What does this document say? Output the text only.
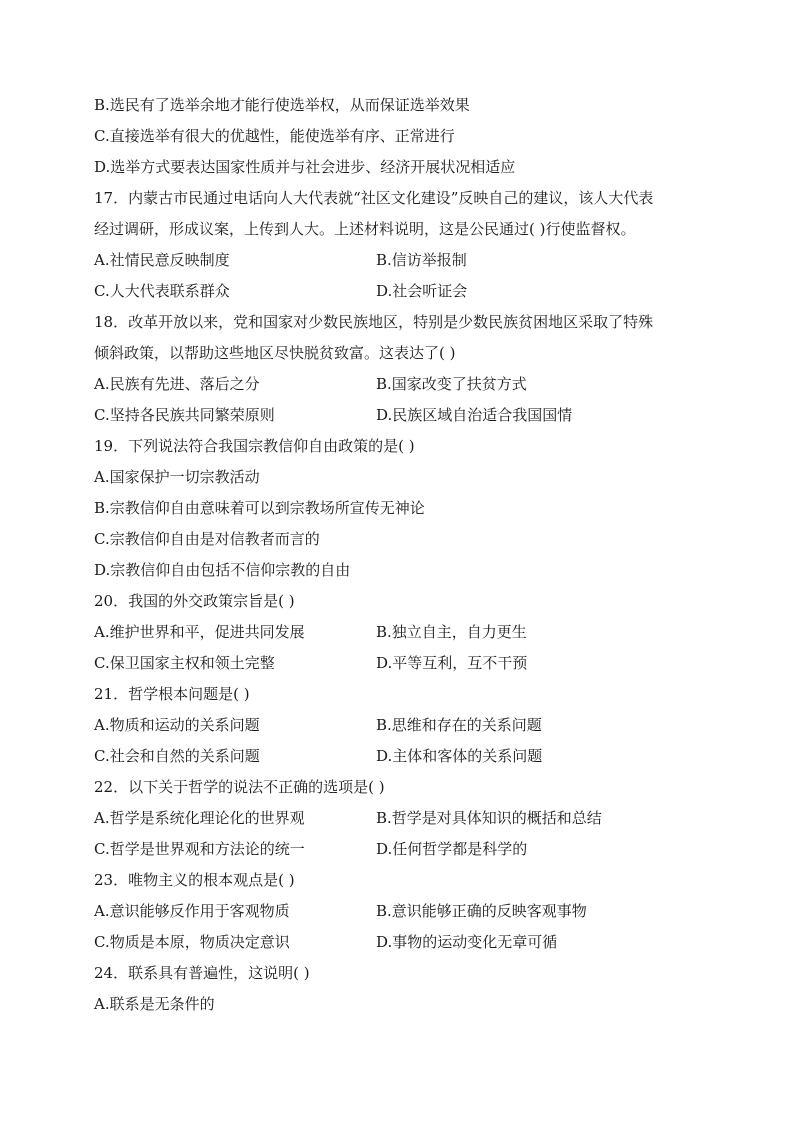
B.选民有了选举余地才能行使选举权，从而保证选举效果
C.直接选举有很大的优越性，能使选举有序、正常进行
D.选举方式要表达国家性质并与社会进步、经济开展状况相适应
17．内蒙古市民通过电话向人大代表就“社区文化建设”反映自己的建议，该人大代表
经过调研，形成议案，上传到人大。上述材料说明，这是公民通过( )行使监督权。
A.社情民意反映制度	B.信访举报制
C.人大代表联系群众	D.社会听证会
18．改革开放以来，党和国家对少数民族地区，特别是少数民族贫困地区采取了特殊
倾斜政策，以帮助这些地区尽快脱贫致富。这表达了( )
A.民族有先进、落后之分	B.国家改变了扶贫方式
C.坚持各民族共同繁荣原则	D.民族区域自治适合我国国情
19．下列说法符合我国宗教信仰自由政策的是( )
A.国家保护一切宗教活动
B.宗教信仰自由意味着可以到宗教场所宣传无神论
C.宗教信仰自由是对信教者而言的
D.宗教信仰自由包括不信仰宗教的自由
20．我国的外交政策宗旨是( )
A.维护世界和平，促进共同发展	B.独立自主，自力更生
C.保卫国家主权和领土完整	D.平等互利，互不干预
21．哲学根本问题是( )
A.物质和运动的关系问题	B.思维和存在的关系问题
C.社会和自然的关系问题	D.主体和客体的关系问题
22．以下关于哲学的说法不正确的选项是( )
A.哲学是系统化理论化的世界观	B.哲学是对具体知识的概括和总结
C.哲学是世界观和方法论的统一	D.任何哲学都是科学的
23．唯物主义的根本观点是( )
A.意识能够反作用于客观物质	B.意识能够正确的反映客观事物
C.物质是本原，物质决定意识	D.事物的运动变化无章可循
24．联系具有普遍性，这说明( )
A.联系是无条件的
